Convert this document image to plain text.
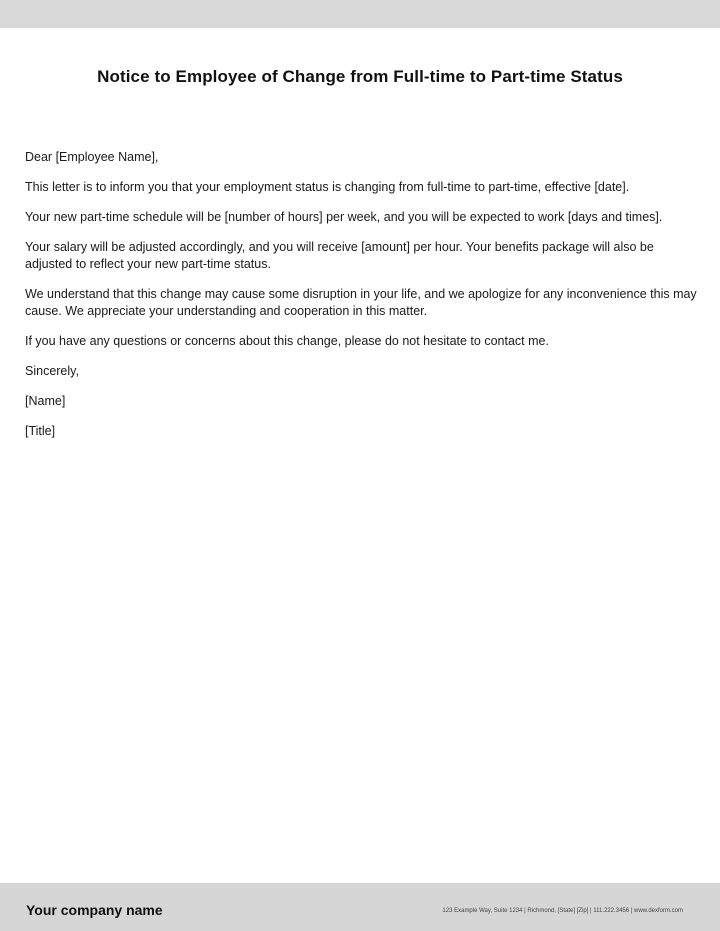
Notice to Employee of Change from Full-time to Part-time Status

Dear [Employee Name],

This letter is to inform you that your employment status is changing from full-time to part-time, effective [date].

Your new part-time schedule will be [number of hours] per week, and you will be expected to work [days and times].

Your salary will be adjusted accordingly, and you will receive [amount] per hour. Your benefits package will also be adjusted to reflect your new part-time status.

We understand that this change may cause some disruption in your life, and we apologize for any inconvenience this may cause. We appreciate your understanding and cooperation in this matter.

If you have any questions or concerns about this change, please do not hesitate to contact me.

Sincerely,

[Name]

[Title]

Your company name	123 Example Way, Suite 1234 | Richmond, [State] [Zip] | 111.222.3456 | www.dexform.com
